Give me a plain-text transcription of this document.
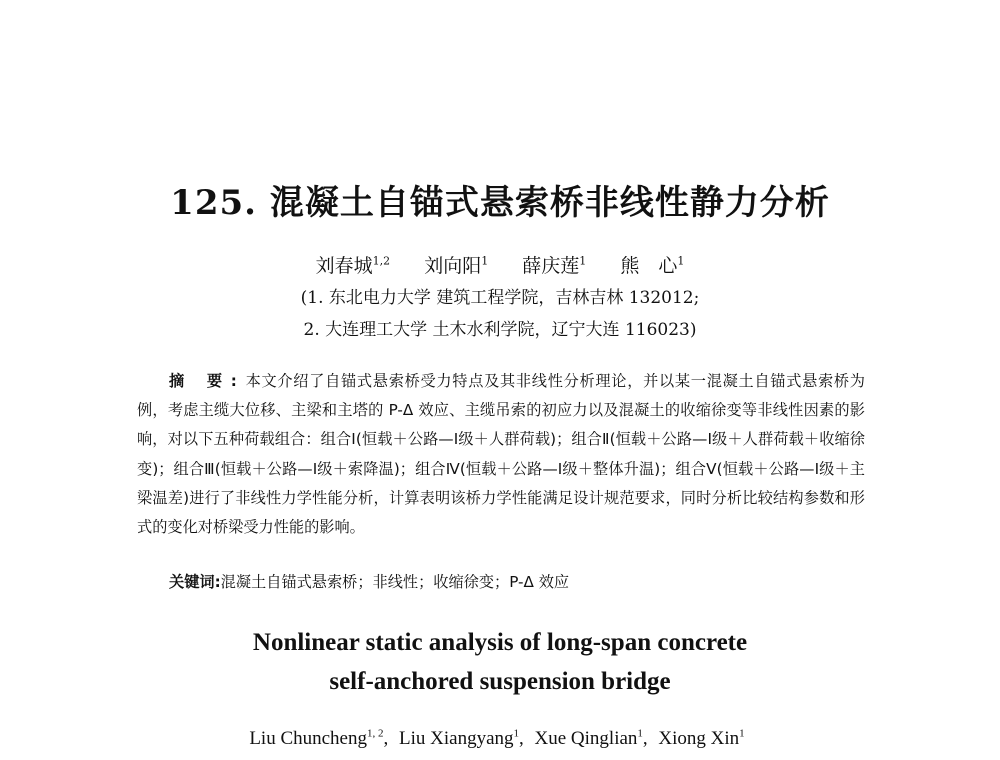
125. 混凝土自锚式悬索桥非线性静力分析
刘春城$^{1,2}$ 刘向阳$^1$ 薛庆莲$^1$ 熊　心$^1$
(1. 东北电力大学 建筑工程学院，吉林吉林 132012;
2. 大连理工大学 土木水利学院，辽宁大连 116023)
摘 要:本文介绍了自锚式悬索桥受力特点及其非线性分析理论，并以某一混凝土自锚式悬索桥为例，考虑主缆大位移、主梁和主塔的 P-Δ 效应、主缆吊索的初应力以及混凝土的收缩徐变等非线性因素的影响，对以下五种荷载组合：组合Ⅰ(恒载＋公路—Ⅰ级＋人群荷载)；组合Ⅱ(恒载＋公路—Ⅰ级＋人群荷载＋收缩徐变)；组合Ⅲ(恒载＋公路—Ⅰ级＋索降温)；组合Ⅳ(恒载＋公路—Ⅰ级＋整体升温)；组合Ⅴ(恒载＋公路—Ⅰ级＋主梁温差)进行了非线性力学性能分析，计算表明该桥力学性能满足设计规范要求，同时分析比较结构参数和形式的变化对桥梁受力性能的影响。
关键词:混凝土自锚式悬索桥；非线性；收缩徐变；P-Δ 效应
Nonlinear static analysis of long-span concrete
self-anchored suspension bridge
Liu Chuncheng$^{1, 2}$, Liu Xiangyang$^1$, Xue Qinglian$^1$, Xiong Xin$^1$
